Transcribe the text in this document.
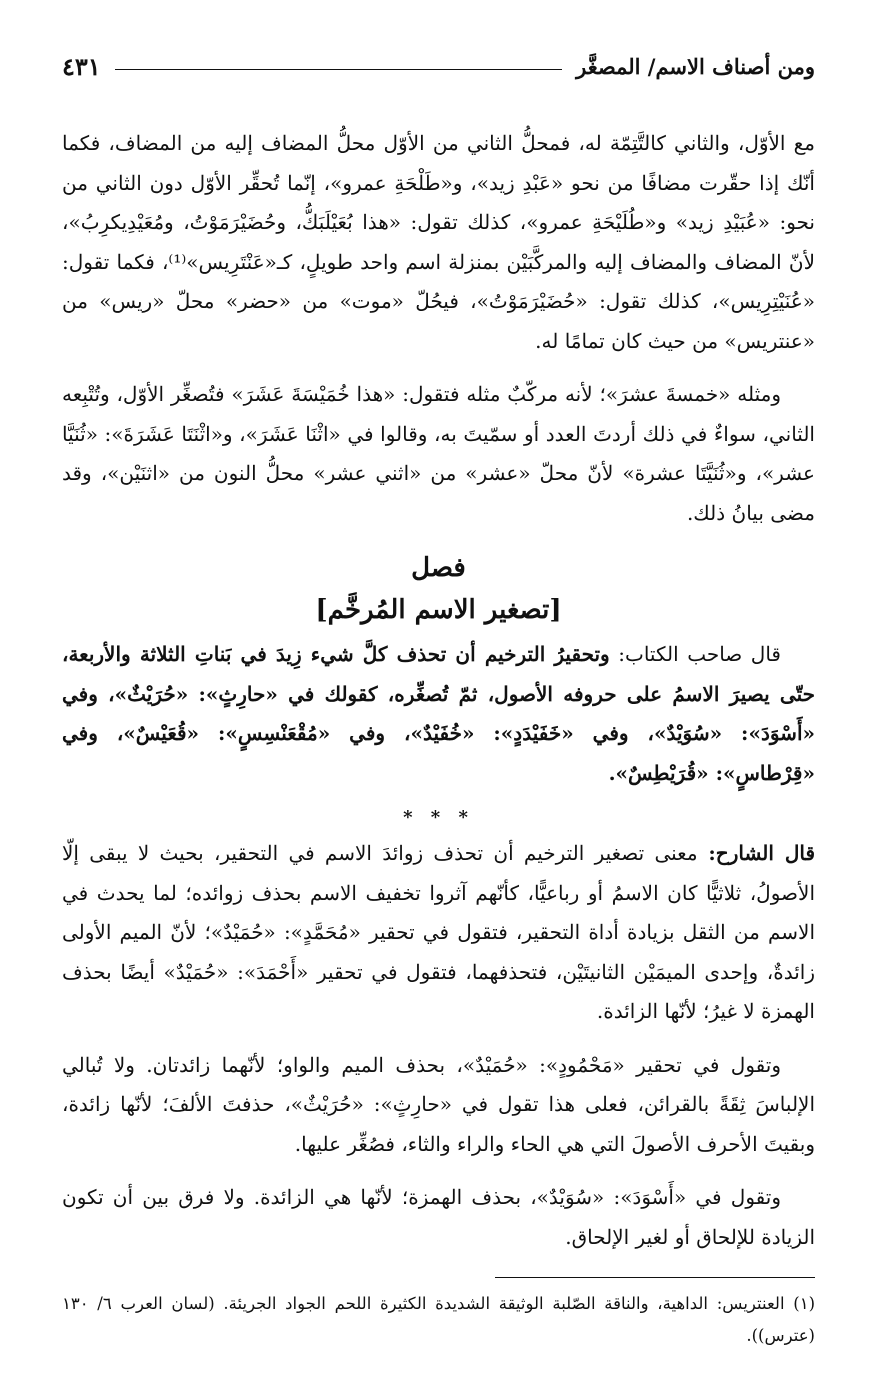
ومن أصناف الاسم/ المصغَّر
٤٣١

مع الأوّل، والثاني كالتَّتِمّة له، فمحلُّ الثاني من الأوّل محلُّ المضاف إليه من المضاف، فكما أنّك إذا حقّرت مضافًا من نحو «عَبْدِ زيد»، و«طَلْحَةِ عمرو»، إنّما تُحقِّر الأوّل دون الثاني من نحو: «عُبَيْدِ زيد» و«طُلَيْحَةِ عمرو»، كذلك تقول: «هذا بُعَيْلَبَكُّ، وحُضَيْرَمَوْتُ، ومُعَيْدِيكرِبُ»، لأنّ المضاف والمضاف إليه والمركَّبَيْن بمنزلة اسم واحد طويلٍ، كـ«عَنْتَرِيس»⁽¹⁾، فكما تقول: «عُنَيْتِرِيس»، كذلك تقول: «حُضَيْرَمَوْتُ»، فيحُلّ «موت» من «حضر» محلّ «ريس» من «عنتريس» من حيث كان تمامًا له.

ومثله «خمسةَ عشرَ»؛ لأنه مركّبٌ مثله فتقول: «هذا خُمَيْسَةَ عَشَرَ» فتُصغِّر الأوّل، وتُتْبِعه الثاني، سواءٌ في ذلك أردتَ العدد أو سمّيتَ به، وقالوا في «اثْنَا عَشَرَ»، و«اثْنَتَا عَشَرَةَ»: «ثُنَيَّا عشر»، و«ثُنَيَّتَا عشرة» لأنّ محلّ «عشر» من «اثني عشر» محلُّ النون من «اثنَيْن»، وقد مضى بيانُ ذلك.

فصل
[تصغير الاسم المُرخَّم]

قال صاحب الكتاب: وتحقيرُ الترخيم أن تحذف كلَّ شيء زِيدَ في بَناتِ الثلاثة والأربعة، حتّى يصيرَ الاسمُ على حروفه الأصول، ثمّ تُصغِّره، كقولك في «حارِثٍ»: «حُرَيْثٌ»، وفي «أَسْوَدَ»: «سُوَيْدٌ»، وفي «خَفَيْدَدٍ»: «خُفَيْدٌ»، وفي «مُقْعَنْسِسٍ»: «قُعَيْسٌ»، وفي «قِرْطاسٍ»: «قُرَيْطِسٌ».

* * *

قال الشارح: معنى تصغير الترخيم أن تحذف زوائدَ الاسم في التحقير، بحيث لا يبقى إلّا الأصولُ، ثلاثيًّا كان الاسمُ أو رباعيًّا، كأنّهم آثروا تخفيف الاسم بحذف زوائده؛ لما يحدث في الاسم من الثقل بزيادة أداة التحقير، فتقول في تحقير «مُحَمَّدٍ»: «حُمَيْدٌ»؛ لأنّ الميم الأولى زائدةٌ، وإحدى الميمَيْن الثانيتَيْن، فتحذفهما، فتقول في تحقير «أَحْمَدَ»: «حُمَيْدٌ» أيضًا بحذف الهمزة لا غيرُ؛ لأنّها الزائدة.

وتقول في تحقير «مَحْمُودٍ»: «حُمَيْدٌ»، بحذف الميم والواو؛ لأنّهما زائدتان. ولا تُبالي الإلباسَ ثِقَةً بالقرائن، فعلى هذا تقول في «حارِثٍ»: «حُرَيْثٌ»، حذفتَ الألفَ؛ لأنّها زائدة، وبقيتَ الأحرف الأصولَ التي هي الحاء والراء والثاء، فصُغِّر عليها.

وتقول في «أَسْوَدَ»: «سُوَيْدٌ»، بحذف الهمزة؛ لأنّها هي الزائدة. ولا فرق بين أن تكون الزيادة للإلحاق أو لغير الإلحاق.

(١) العنتريس: الداهية، والناقة الصّلبة الوثيقة الشديدة الكثيرة اللحم الجواد الجريئة. (لسان العرب ٦/ ١٣٠ (عترس)).
